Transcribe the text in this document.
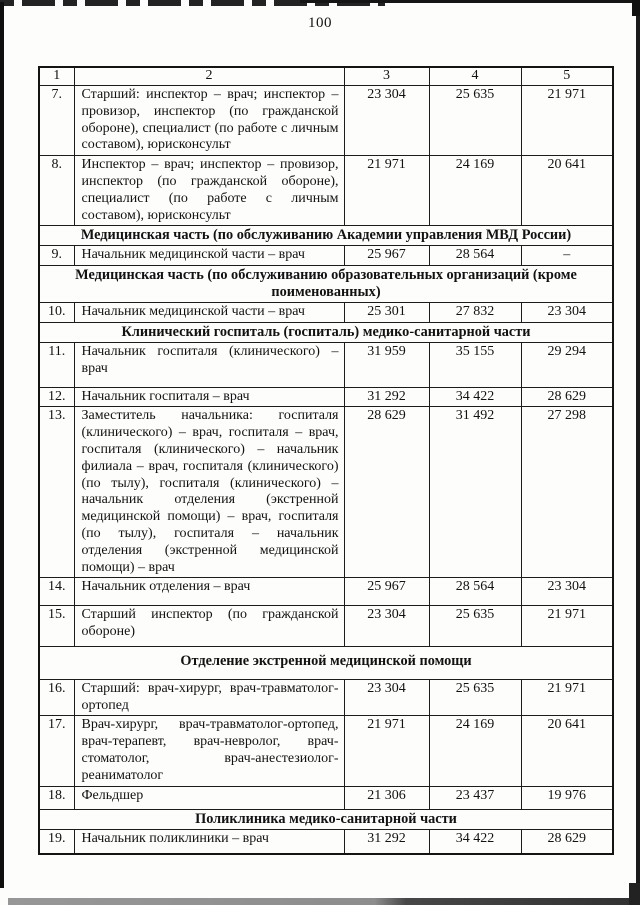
100
1	2	3	4	5
7.	Старший: инспектор – врач; инспектор – провизор, инспектор (по гражданской обороне), специалист (по работе с личным составом), юрисконсульт	23 304	25 635	21 971
8.	Инспектор – врач; инспектор – провизор, инспектор (по гражданской обороне), специалист (по работе с личным составом), юрисконсульт	21 971	24 169	20 641
Медицинская часть (по обслуживанию Академии управления МВД России)				
9.	Начальник медицинской части – врач	25 967	28 564	–
Медицинская часть (по обслуживанию образовательных организаций (кроме поименованных)				
10.	Начальник медицинской части – врач	25 301	27 832	23 304
Клинический госпиталь (госпиталь) медико-санитарной части				
11.	Начальник госпиталя (клинического) – врач	31 959	35 155	29 294
12.	Начальник госпиталя – врач	31 292	34 422	28 629
13.	Заместитель начальника: госпиталя (клинического) – врач, госпиталя – врач, госпиталя (клинического) – начальник филиала – врач, госпиталя (клинического) (по тылу), госпиталя (клинического) – начальник отделения (экстренной медицинской помощи) – врач, госпиталя (по тылу), госпиталя – начальник отделения (экстренной медицинской помощи) – врач	28 629	31 492	27 298
14.	Начальник отделения – врач	25 967	28 564	23 304
15.	Старший инспектор (по гражданской обороне)	23 304	25 635	21 971
Отделение экстренной медицинской помощи				
16.	Старший: врач-хирург, врач-травматолог-ортопед	23 304	25 635	21 971
17.	Врач-хирург, врач-травматолог-ортопед, врач-терапевт, врач-невролог, врач-стоматолог, врач-анестезиолог-реаниматолог	21 971	24 169	20 641
18.	Фельдшер	21 306	23 437	19 976
Поликлиника медико-санитарной части				
19.	Начальник поликлиники – врач	31 292	34 422	28 629
